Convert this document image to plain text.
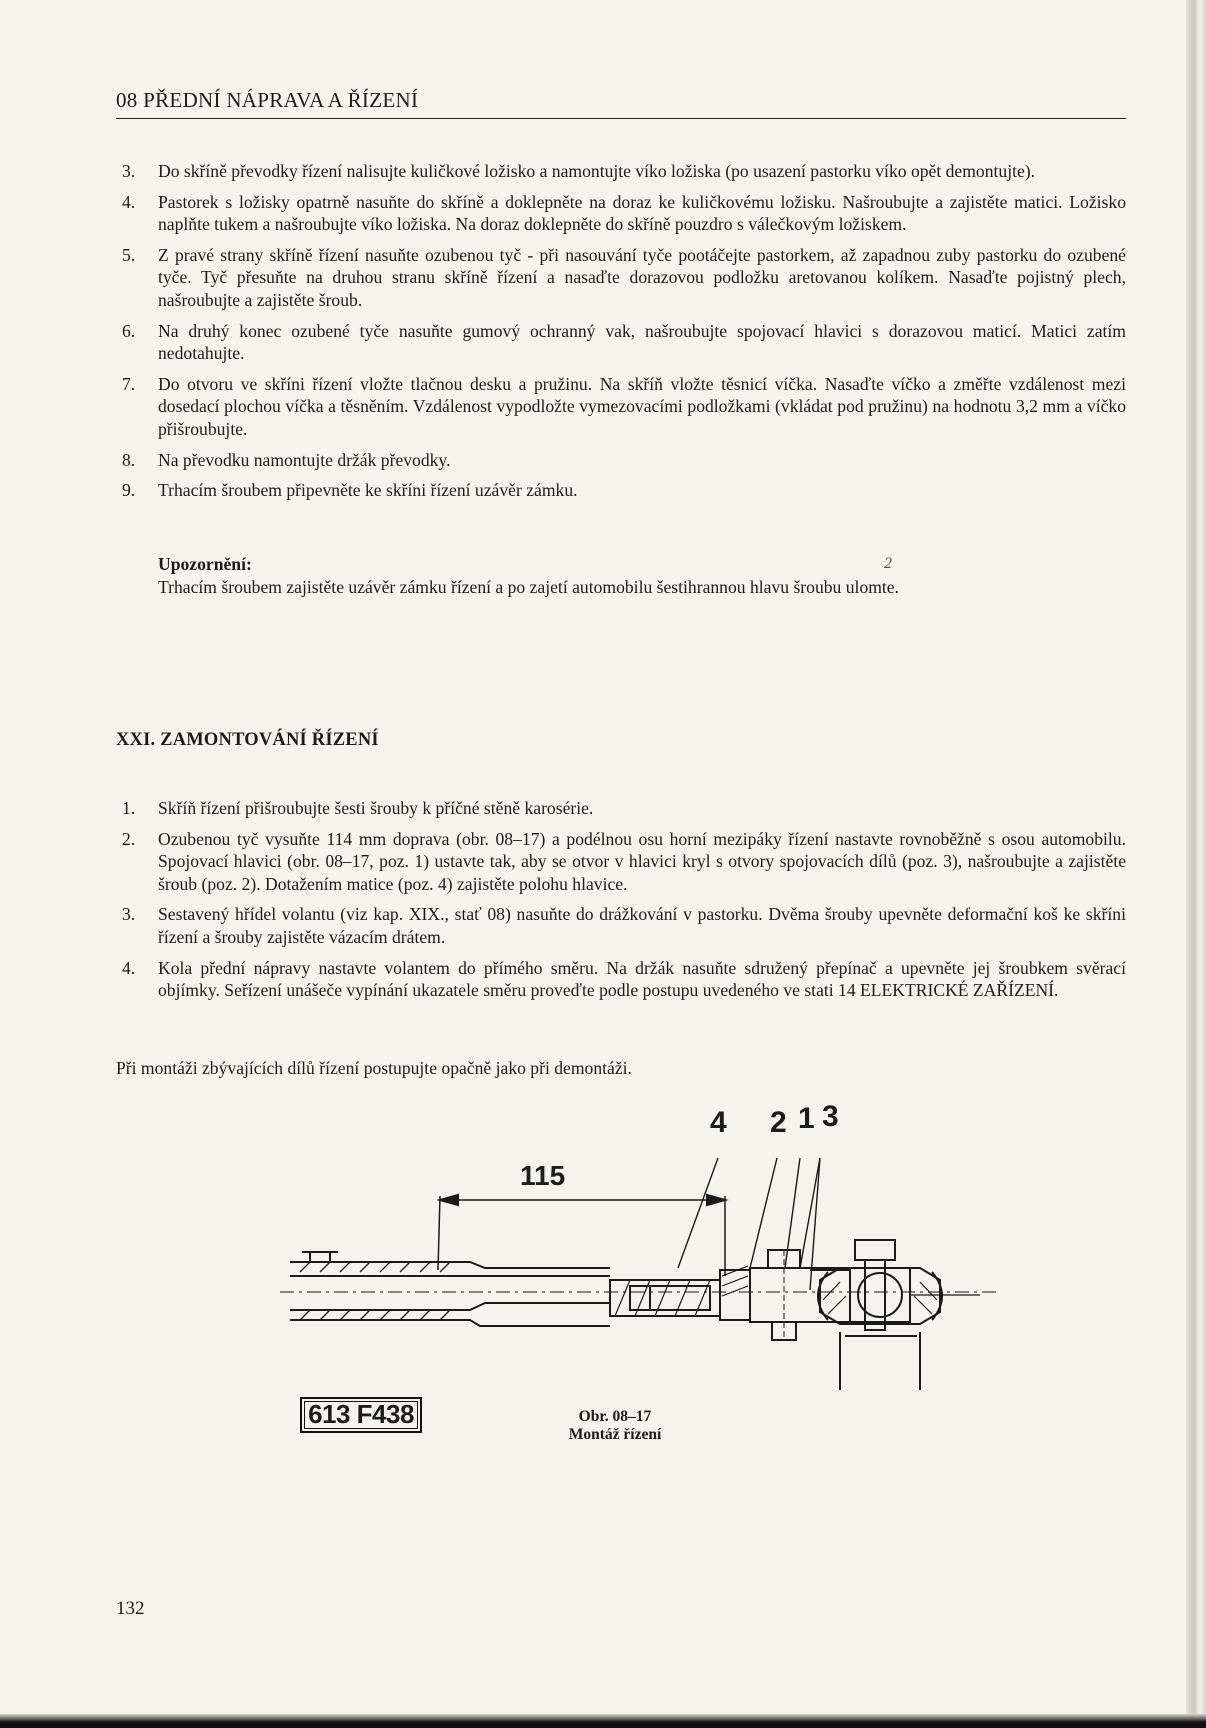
08 PŘEDNÍ NÁPRAVA A ŘÍZENÍ
3. Do skříně převodky řízení nalisujte kuličkové ložisko a namontujte víko ložiska (po usazení pastorku víko opět demontujte).
4. Pastorek s ložisky opatrně nasuňte do skříně a doklepněte na doraz ke kuličkovému ložisku. Našroubujte a zajistěte matici. Ložisko naplňte tukem a našroubujte víko ložiska. Na doraz doklepněte do skříně pouzdro s válečkovým ložiskem.
5. Z pravé strany skříně řízení nasuňte ozubenou tyč - při nasouvání tyče pootáčejte pastorkem, až zapadnou zuby pastorku do ozubené tyče. Tyč přesuňte na druhou stranu skříně řízení a nasaďte dorazovou podložku aretovanou kolíkem. Nasaďte pojistný plech, našroubujte a zajistěte šroub.
6. Na druhý konec ozubené tyče nasuňte gumový ochranný vak, našroubujte spojovací hlavici s dorazovou maticí. Matici zatím nedotahujte.
7. Do otvoru ve skříni řízení vložte tlačnou desku a pružinu. Na skříň vložte těsnicí víčka. Nasaďte víčko a změřte vzdálenost mezi dosedací plochou víčka a těsněním. Vzdálenost vypodložte vymezovacími podložkami (vkládat pod pružinu) na hodnotu 3,2 mm a víčko přišroubujte.
8. Na převodku namontujte držák převodky.
9. Trhacím šroubem připevněte ke skříni řízení uzávěr zámku.
Upozornění:
Trhacím šroubem zajistěte uzávěr zámku řízení a po zajetí automobilu šestihrannou hlavu šroubu ulomte.
2
XXI. ZAMONTOVÁNÍ ŘÍZENÍ
1. Skříň řízení přišroubujte šesti šrouby k příčné stěně karosérie.
2. Ozubenou tyč vysuňte 114 mm doprava (obr. 08–17) a podélnou osu horní mezipáky řízení nastavte rovnoběžně s osou automobilu. Spojovací hlavici (obr. 08–17, poz. 1) ustavte tak, aby se otvor v hlavici kryl s otvory spojovacích dílů (poz. 3), našroubujte a zajistěte šroub (poz. 2). Dotažením matice (poz. 4) zajistěte polohu hlavice.
3. Sestavený hřídel volantu (viz kap. XIX., stať 08) nasuňte do drážkování v pastorku. Dvěma šrouby upevněte deformační koš ke skříni řízení a šrouby zajistěte vázacím drátem.
4. Kola přední nápravy nastavte volantem do přímého směru. Na držák nasuňte sdružený přepínač a upevněte jej šroubkem svěrací objímky. Seřízení unášeče vypínání ukazatele směru proveďte podle postupu uvedeného ve stati 14 ELEKTRICKÉ ZAŘÍZENÍ.
Při montáži zbývajících dílů řízení postupujte opačně jako při demontáži.
115
4 2 1 3
613 F438	Obr. 08–17
Montáž řízení
132
